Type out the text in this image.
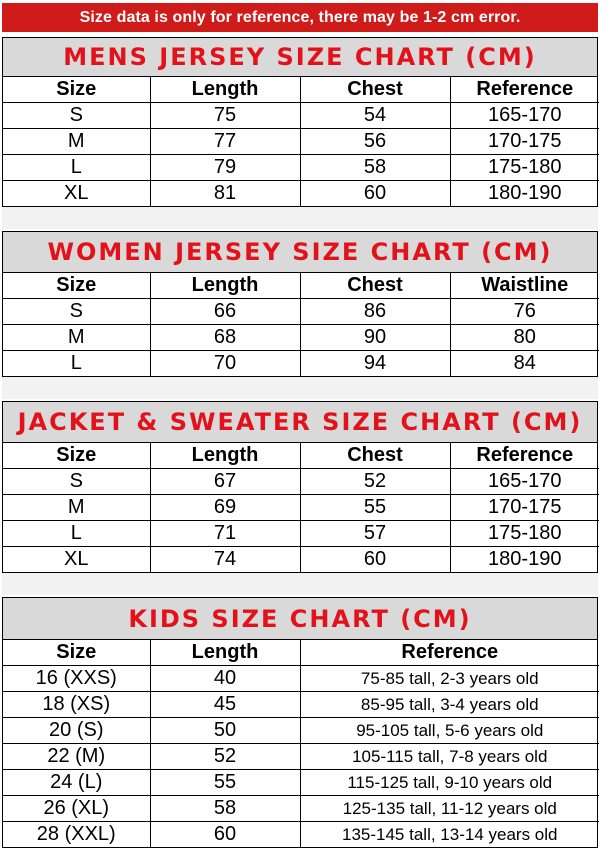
Size data is only for reference, there may be 1-2 cm error.
MENS JERSEY SIZE CHART (CM)
Size	Length	Chest	Reference
S	75	54	165-170
M	77	56	170-175
L	79	58	175-180
XL	81	60	180-190
WOMEN JERSEY SIZE CHART (CM)
Size	Length	Chest	Waistline
S	66	86	76
M	68	90	80
L	70	94	84
JACKET & SWEATER SIZE CHART (CM)
Size	Length	Chest	Reference
S	67	52	165-170
M	69	55	170-175
L	71	57	175-180
XL	74	60	180-190
KIDS SIZE CHART (CM)
Size	Length	Reference
16 (XXS)	40	75-85 tall, 2-3 years old
18 (XS)	45	85-95 tall, 3-4 years old
20 (S)	50	95-105 tall, 5-6 years old
22 (M)	52	105-115 tall, 7-8 years old
24 (L)	55	115-125 tall, 9-10 years old
26 (XL)	58	125-135 tall, 11-12 years old
28 (XXL)	60	135-145 tall, 13-14 years old
